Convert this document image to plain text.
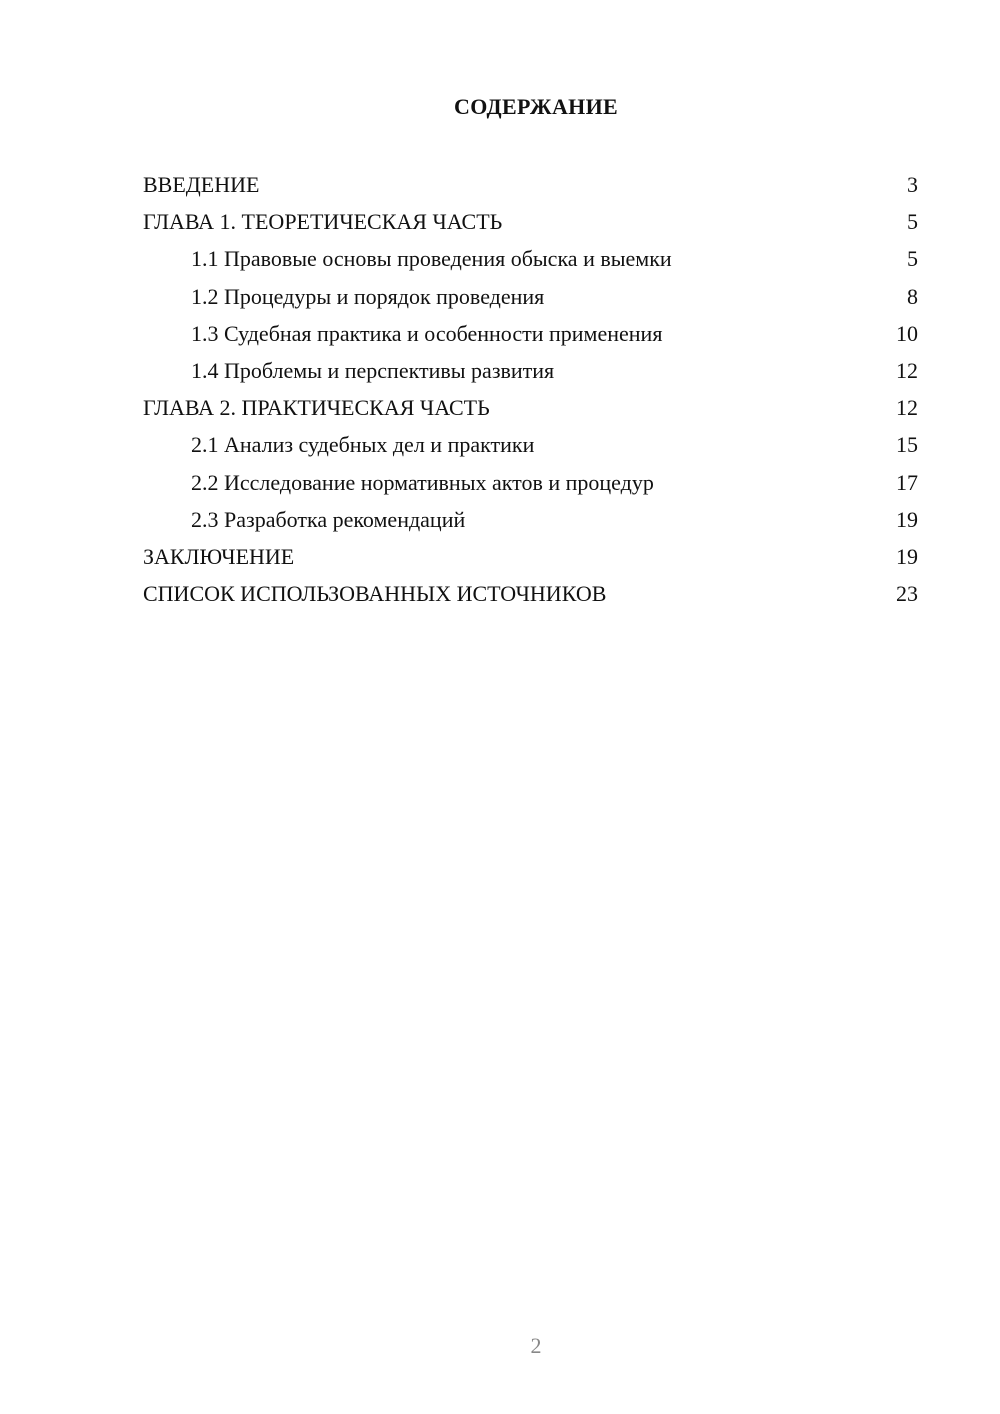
СОДЕРЖАНИЕ
ВВЕДЕНИЕ	3
ГЛАВА 1. ТЕОРЕТИЧЕСКАЯ ЧАСТЬ	5
1.1 Правовые основы проведения обыска и выемки	5
1.2 Процедуры и порядок проведения	8
1.3 Судебная практика и особенности применения	10
1.4 Проблемы и перспективы развития	12
ГЛАВА 2. ПРАКТИЧЕСКАЯ ЧАСТЬ	12
2.1 Анализ судебных дел и практики	15
2.2 Исследование нормативных актов и процедур	17
2.3 Разработка рекомендаций	19
ЗАКЛЮЧЕНИЕ	19
СПИСОК ИСПОЛЬЗОВАННЫХ ИСТОЧНИКОВ	23
2
